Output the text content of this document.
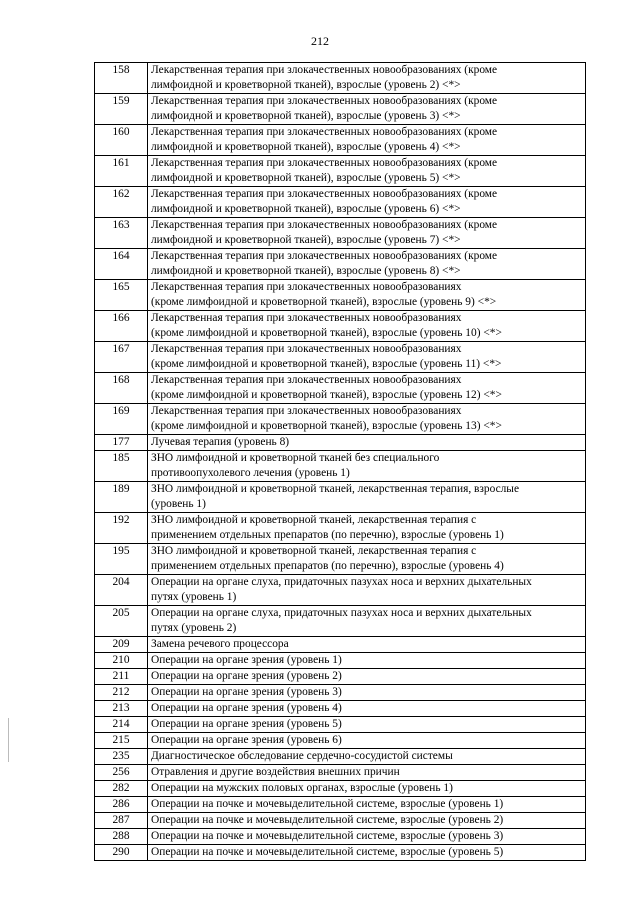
212
158	Лекарственная терапия при злокачественных новообразованиях (кроме
лимфоидной и кроветворной тканей), взрослые (уровень 2) <*>
159	Лекарственная терапия при злокачественных новообразованиях (кроме
лимфоидной и кроветворной тканей), взрослые (уровень 3) <*>
160	Лекарственная терапия при злокачественных новообразованиях (кроме
лимфоидной и кроветворной тканей), взрослые (уровень 4) <*>
161	Лекарственная терапия при злокачественных новообразованиях (кроме
лимфоидной и кроветворной тканей), взрослые (уровень 5) <*>
162	Лекарственная терапия при злокачественных новообразованиях (кроме
лимфоидной и кроветворной тканей), взрослые (уровень 6) <*>
163	Лекарственная терапия при злокачественных новообразованиях (кроме
лимфоидной и кроветворной тканей), взрослые (уровень 7) <*>
164	Лекарственная терапия при злокачественных новообразованиях (кроме
лимфоидной и кроветворной тканей), взрослые (уровень 8) <*>
165	Лекарственная терапия при злокачественных новообразованиях
(кроме лимфоидной и кроветворной тканей), взрослые (уровень 9) <*>
166	Лекарственная терапия при злокачественных новообразованиях
(кроме лимфоидной и кроветворной тканей), взрослые (уровень 10) <*>
167	Лекарственная терапия при злокачественных новообразованиях
(кроме лимфоидной и кроветворной тканей), взрослые (уровень 11) <*>
168	Лекарственная терапия при злокачественных новообразованиях
(кроме лимфоидной и кроветворной тканей), взрослые (уровень 12) <*>
169	Лекарственная терапия при злокачественных новообразованиях
(кроме лимфоидной и кроветворной тканей), взрослые (уровень 13) <*>
177	Лучевая терапия (уровень 8)
185	ЗНО лимфоидной и кроветворной тканей без специального
противоопухолевого лечения (уровень 1)
189	ЗНО лимфоидной и кроветворной тканей, лекарственная терапия, взрослые
(уровень 1)
192	ЗНО лимфоидной и кроветворной тканей, лекарственная терапия с
применением отдельных препаратов (по перечню), взрослые (уровень 1)
195	ЗНО лимфоидной и кроветворной тканей, лекарственная терапия с
применением отдельных препаратов (по перечню), взрослые (уровень 4)
204	Операции на органе слуха, придаточных пазухах носа и верхних дыхательных
путях (уровень 1)
205	Операции на органе слуха, придаточных пазухах носа и верхних дыхательных
путях (уровень 2)
209	Замена речевого процессора
210	Операции на органе зрения (уровень 1)
211	Операции на органе зрения (уровень 2)
212	Операции на органе зрения (уровень 3)
213	Операции на органе зрения (уровень 4)
214	Операции на органе зрения (уровень 5)
215	Операции на органе зрения (уровень 6)
235	Диагностическое обследование сердечно-сосудистой системы
256	Отравления и другие воздействия внешних причин
282	Операции на мужских половых органах, взрослые (уровень 1)
286	Операции на почке и мочевыделительной системе, взрослые (уровень 1)
287	Операции на почке и мочевыделительной системе, взрослые (уровень 2)
288	Операции на почке и мочевыделительной системе, взрослые (уровень 3)
290	Операции на почке и мочевыделительной системе, взрослые (уровень 5)
